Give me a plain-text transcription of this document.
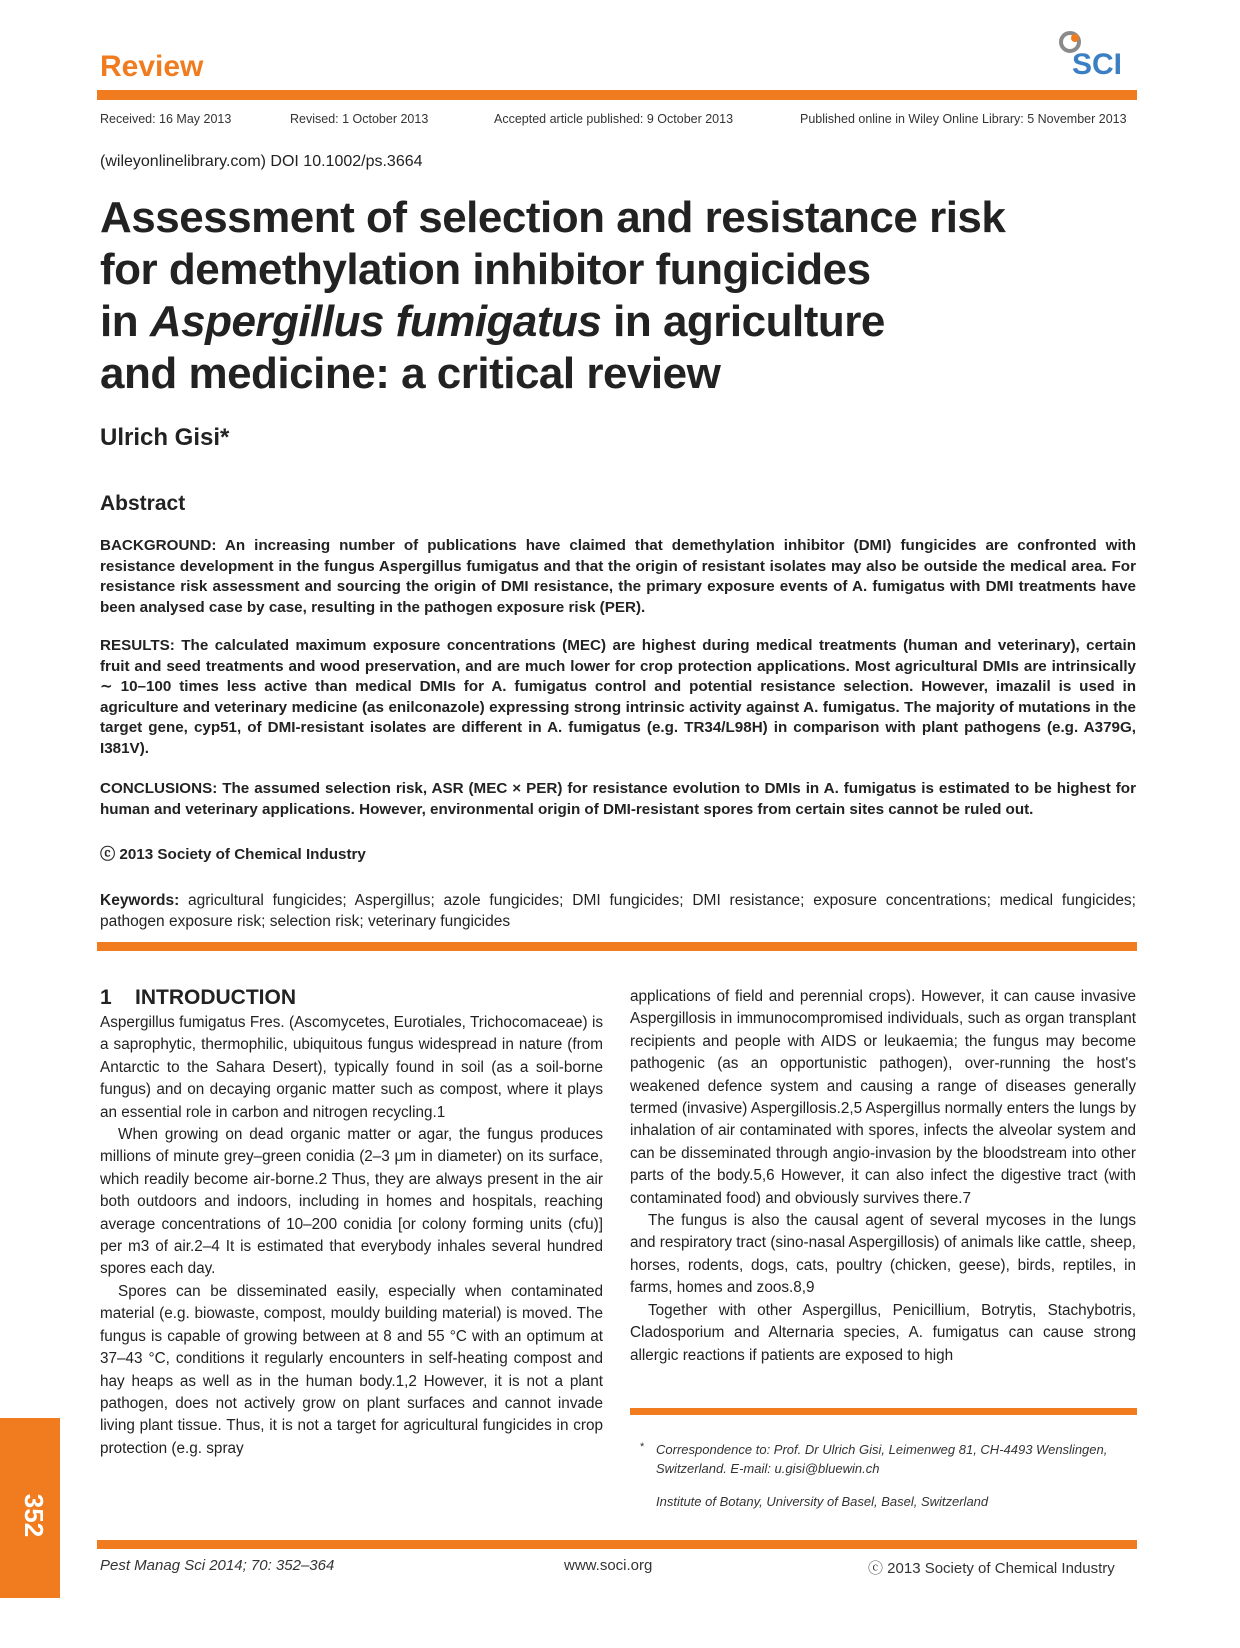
Review	SCI
Received: 16 May 2013	Revised: 1 October 2013	Accepted article published: 9 October 2013	Published online in Wiley Online Library: 5 November 2013
(wileyonlinelibrary.com) DOI 10.1002/ps.3664
Assessment of selection and resistance risk
for demethylation inhibitor fungicides
in Aspergillus fumigatus in agriculture
and medicine: a critical review
Ulrich Gisi*
Abstract
BACKGROUND: An increasing number of publications have claimed that demethylation inhibitor (DMI) fungicides are confronted with resistance development in the fungus Aspergillus fumigatus and that the origin of resistant isolates may also be outside the medical area. For resistance risk assessment and sourcing the origin of DMI resistance, the primary exposure events of A. fumigatus with DMI treatments have been analysed case by case, resulting in the pathogen exposure risk (PER).
RESULTS: The calculated maximum exposure concentrations (MEC) are highest during medical treatments (human and veterinary), certain fruit and seed treatments and wood preservation, and are much lower for crop protection applications. Most agricultural DMIs are intrinsically ∼ 10–100 times less active than medical DMIs for A. fumigatus control and potential resistance selection. However, imazalil is used in agriculture and veterinary medicine (as enilconazole) expressing strong intrinsic activity against A. fumigatus. The majority of mutations in the target gene, cyp51, of DMI-resistant isolates are different in A. fumigatus (e.g. TR34/L98H) in comparison with plant pathogens (e.g. A379G, I381V).
CONCLUSIONS: The assumed selection risk, ASR (MEC × PER) for resistance evolution to DMIs in A. fumigatus is estimated to be highest for human and veterinary applications. However, environmental origin of DMI-resistant spores from certain sites cannot be ruled out.
ⓒ 2013 Society of Chemical Industry
Keywords: agricultural fungicides; Aspergillus; azole fungicides; DMI fungicides; DMI resistance; exposure concentrations; medical fungicides; pathogen exposure risk; selection risk; veterinary fungicides
1    INTRODUCTION

Aspergillus fumigatus Fres. (Ascomycetes, Eurotiales, Trichocomaceae) is a saprophytic, thermophilic, ubiquitous fungus widespread in nature (from Antarctic to the Sahara Desert), typically found in soil (as a soil-borne fungus) and on decaying organic matter such as compost, where it plays an essential role in carbon and nitrogen recycling.1

When growing on dead organic matter or agar, the fungus produces millions of minute grey–green conidia (2–3 μm in diameter) on its surface, which readily become air-borne.2 Thus, they are always present in the air both outdoors and indoors, including in homes and hospitals, reaching average concentrations of 10–200 conidia [or colony forming units (cfu)] per m3 of air.2–4 It is estimated that everybody inhales several hundred spores each day.

Spores can be disseminated easily, especially when contaminated material (e.g. biowaste, compost, mouldy building material) is moved. The fungus is capable of growing between at 8 and 55 °C with an optimum at 37–43 °C, conditions it regularly encounters in self-heating compost and hay heaps as well as in the human body.1,2 However, it is not a plant pathogen, does not actively grow on plant surfaces and cannot invade living plant tissue. Thus, it is not a target for agricultural fungicides in crop protection (e.g. spray

applications of field and perennial crops). However, it can cause invasive Aspergillosis in immunocompromised individuals, such as organ transplant recipients and people with AIDS or leukaemia; the fungus may become pathogenic (as an opportunistic pathogen), over-running the host's weakened defence system and causing a range of diseases generally termed (invasive) Aspergillosis.2,5 Aspergillus normally enters the lungs by inhalation of air contaminated with spores, infects the alveolar system and can be disseminated through angio-invasion by the bloodstream into other parts of the body.5,6 However, it can also infect the digestive tract (with contaminated food) and obviously survives there.7

The fungus is also the causal agent of several mycoses in the lungs and respiratory tract (sino-nasal Aspergillosis) of animals like cattle, sheep, horses, rodents, dogs, cats, poultry (chicken, geese), birds, reptiles, in farms, homes and zoos.8,9

Together with other Aspergillus, Penicillium, Botrytis, Stachybotris, Cladosporium and Alternaria species, A. fumigatus can cause strong allergic reactions if patients are exposed to high

* Correspondence to: Prof. Dr Ulrich Gisi, Leimenweg 81, CH-4493 Wenslingen, Switzerland. E-mail: u.gisi@bluewin.ch
Institute of Botany, University of Basel, Basel, Switzerland
352
Pest Manag Sci 2014; 70: 352–364	www.soci.org	ⓒ 2013 Society of Chemical Industry
